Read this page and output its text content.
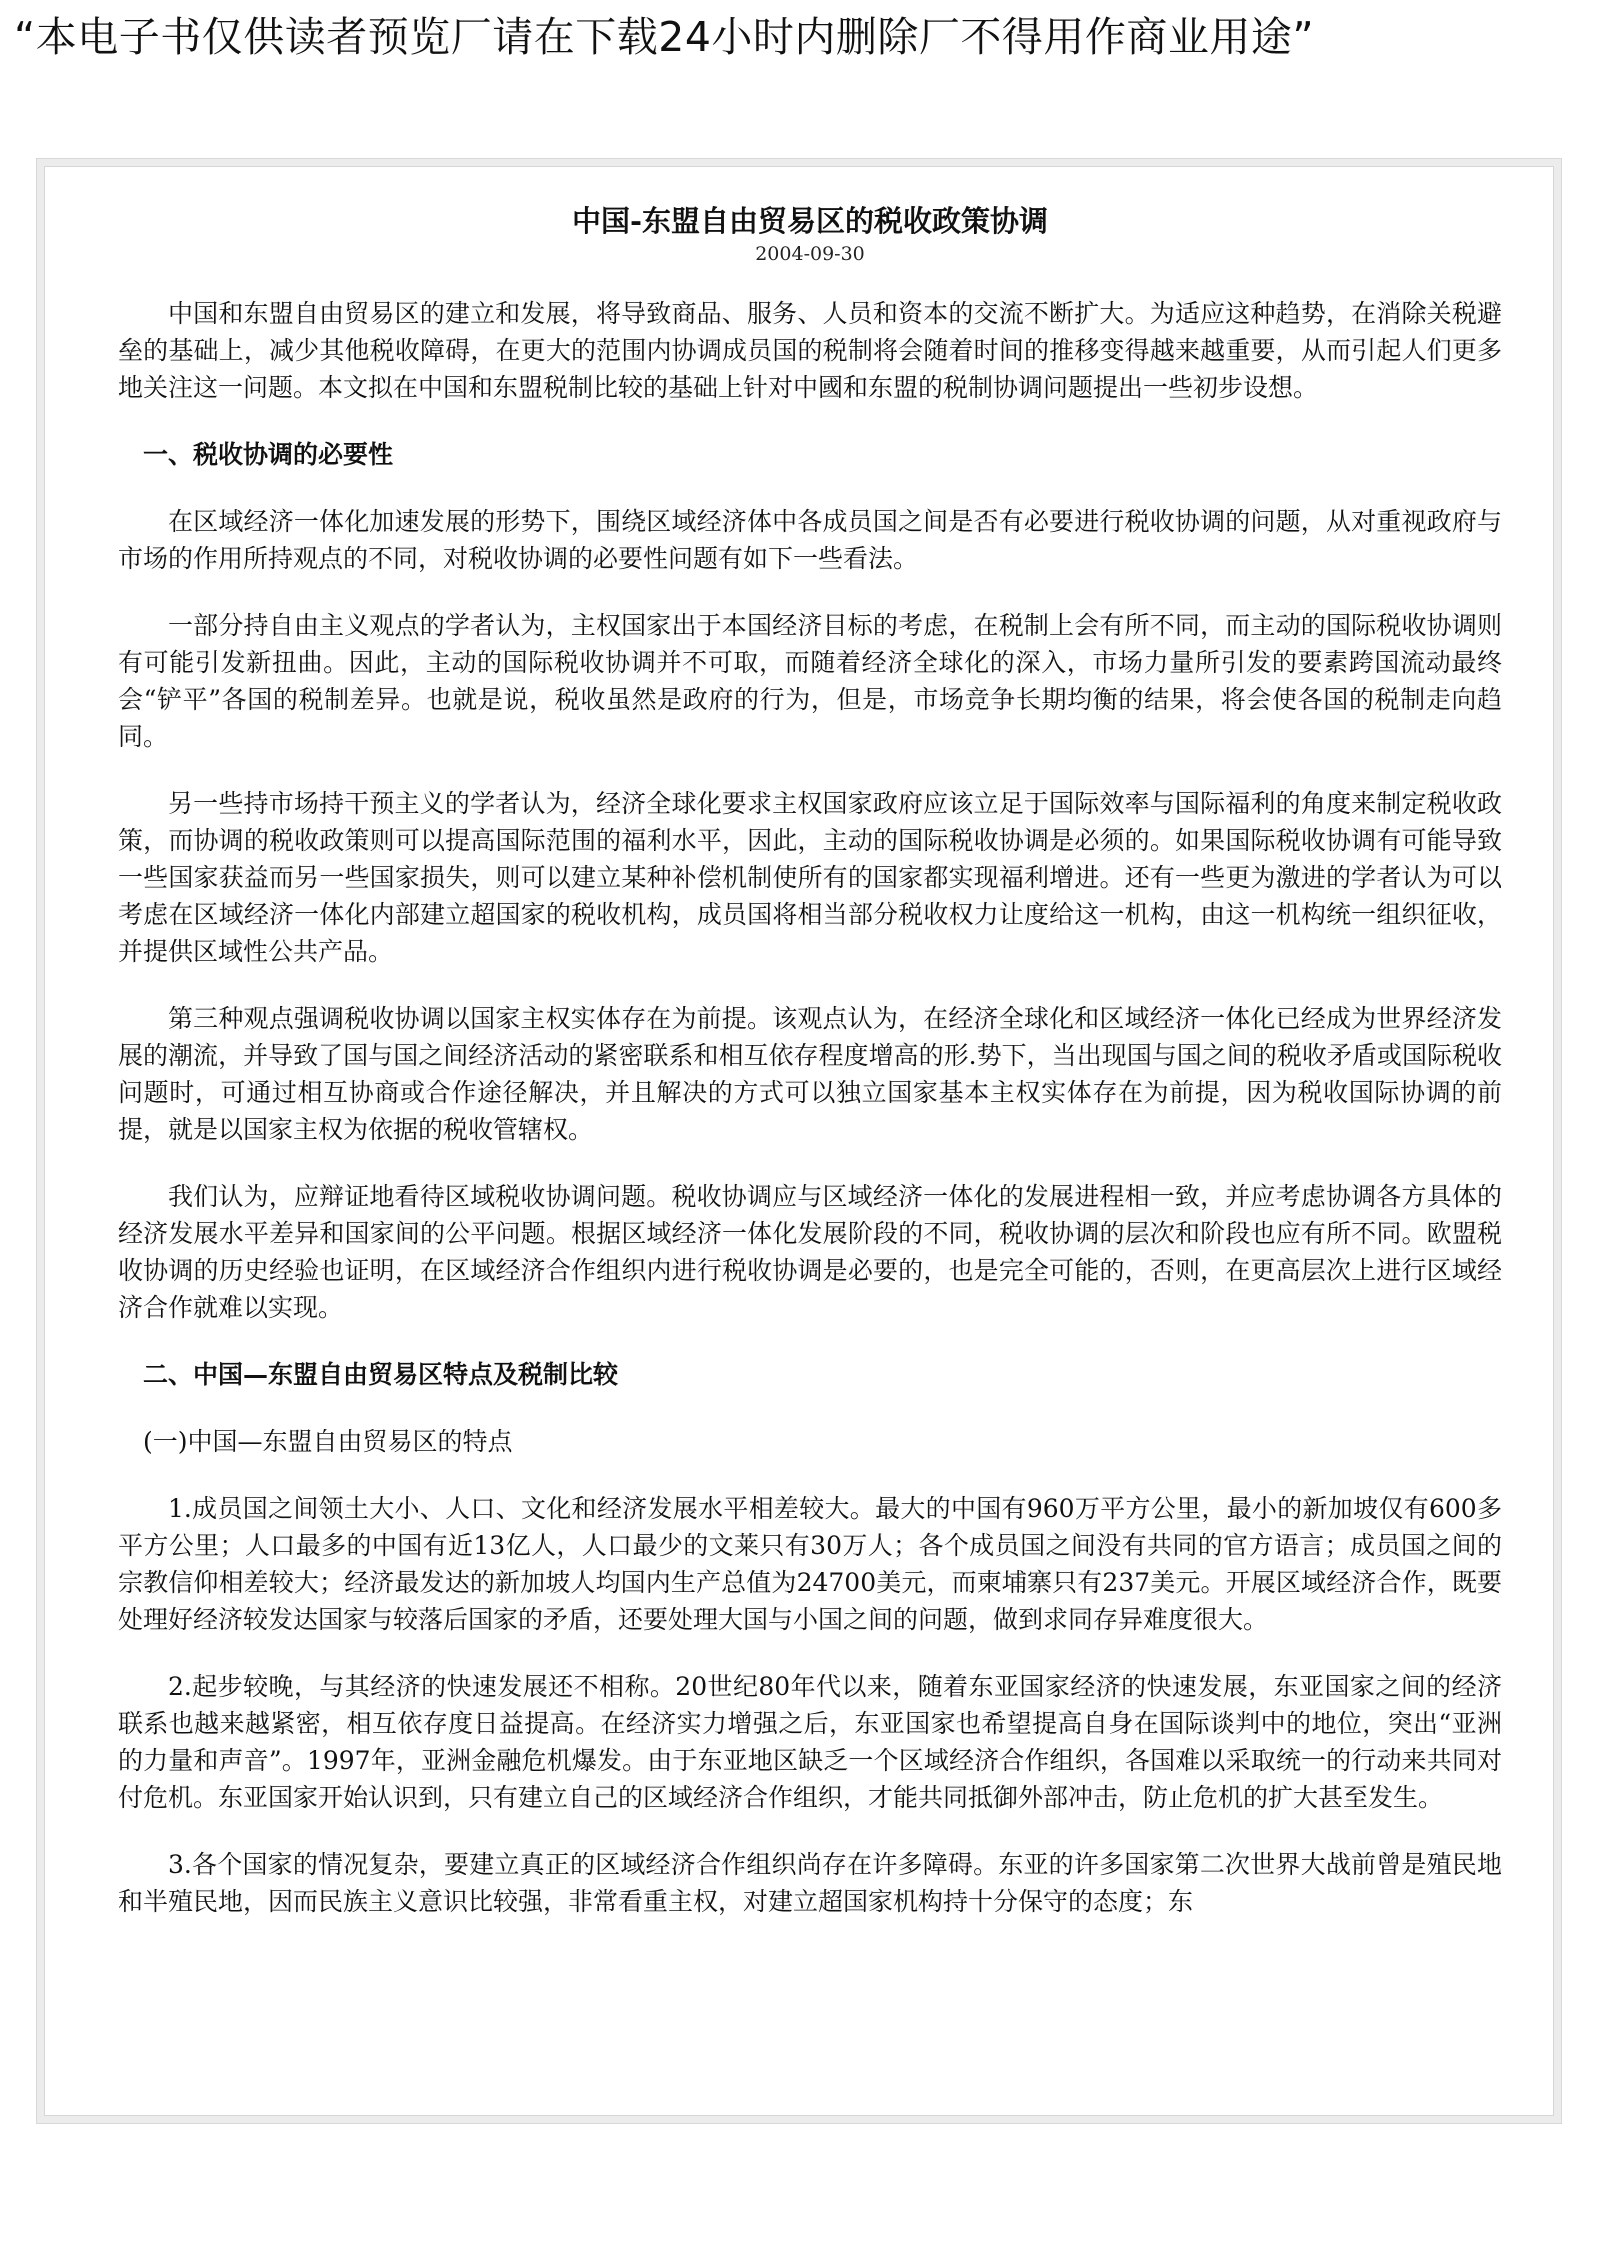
“本电子书仅供读者预览厂请在下载24小时内删除厂不得用作商业用途”
中国-东盟自由贸易区的税收政策协调
2004-09-30

中国和东盟自由贸易区的建立和发展，将导致商品、服务、人员和资本的交流不断扩大。为适应这种趋势，在消除关税避垒的基础上，减少其他税收障碍，在更大的范围内协调成员国的税制将会随着时间的推移变得越来越重要，从而引起人们更多地关注这一问题。本文拟在中国和东盟税制比较的基础上针对中國和东盟的税制协调问题提出一些初步设想。

一、税收协调的必要性

在区域经济一体化加速发展的形势下，围绕区域经济体中各成员国之间是否有必要进行税收协调的问题，从对重视政府与市场的作用所持观点的不同，对税收协调的必要性问题有如下一些看法。

一部分持自由主义观点的学者认为，主权国家出于本国经济目标的考虑，在税制上会有所不同，而主动的国际税收协调则有可能引发新扭曲。因此，主动的国际税收协调并不可取，而随着经济全球化的深入，市场力量所引发的要素跨国流动最终会“铲平”各国的税制差异。也就是说，税收虽然是政府的行为，但是，市场竞争长期均衡的结果，将会使各国的税制走向趋同。

另一些持市场持干预主义的学者认为，经济全球化要求主权国家政府应该立足于国际效率与国际福利的角度来制定税收政策，而协调的税收政策则可以提高国际范围的福利水平，因此，主动的国际税收协调是必须的。如果国际税收协调有可能导致一些国家获益而另一些国家损失，则可以建立某种补偿机制使所有的国家都实现福利增进。还有一些更为激进的学者认为可以考虑在区域经济一体化内部建立超国家的税收机构，成员国将相当部分税收权力让度给这一机构，由这一机构统一组织征收，并提供区域性公共产品。

第三种观点强调税收协调以国家主权实体存在为前提。该观点认为，在经济全球化和区域经济一体化已经成为世界经济发展的潮流，并导致了国与国之间经济活动的紧密联系和相互依存程度增高的形.势下，当出现国与国之间的税收矛盾或国际税收问题时，可通过相互协商或合作途径解决，并且解决的方式可以独立国家基本主权实体存在为前提，因为税收国际协调的前提，就是以国家主权为依据的税收管辖权。

我们认为，应辩证地看待区域税收协调问题。税收协调应与区域经济一体化的发展进程相一致，并应考虑协调各方具体的经济发展水平差异和国家间的公平问题。根据区域经济一体化发展阶段的不同，税收协调的层次和阶段也应有所不同。欧盟税收协调的历史经验也证明，在区域经济合作组织内进行税收协调是必要的，也是完全可能的，否则，在更高层次上进行区域经济合作就难以实现。

二、中国—东盟自由贸易区特点及税制比较

(一)中国—东盟自由贸易区的特点

1.成员国之间领土大小、人口、文化和经济发展水平相差较大。最大的中国有960万平方公里，最小的新加坡仅有600多平方公里；人口最多的中国有近13亿人，人口最少的文莱只有30万人；各个成员国之间没有共同的官方语言；成员国之间的宗教信仰相差较大；经济最发达的新加坡人均国内生产总值为24700美元，而柬埔寨只有237美元。开展区域经济合作，既要处理好经济较发达国家与较落后国家的矛盾，还要处理大国与小国之间的问题，做到求同存异难度很大。

2.起步较晚，与其经济的快速发展还不相称。20世纪80年代以来，随着东亚国家经济的快速发展，东亚国家之间的经济联系也越来越紧密，相互依存度日益提高。在经济实力增强之后，东亚国家也希望提高自身在国际谈判中的地位，突出“亚洲的力量和声音”。1997年，亚洲金融危机爆发。由于东亚地区缺乏一个区域经济合作组织，各国难以采取统一的行动来共同对付危机。东亚国家开始认识到，只有建立自己的区域经济合作组织，才能共同抵御外部冲击，防止危机的扩大甚至发生。

3.各个国家的情况复杂，要建立真正的区域经济合作组织尚存在许多障碍。东亚的许多国家第二次世界大战前曾是殖民地和半殖民地，因而民族主义意识比较强，非常看重主权，对建立超国家机构持十分保守的态度；东
